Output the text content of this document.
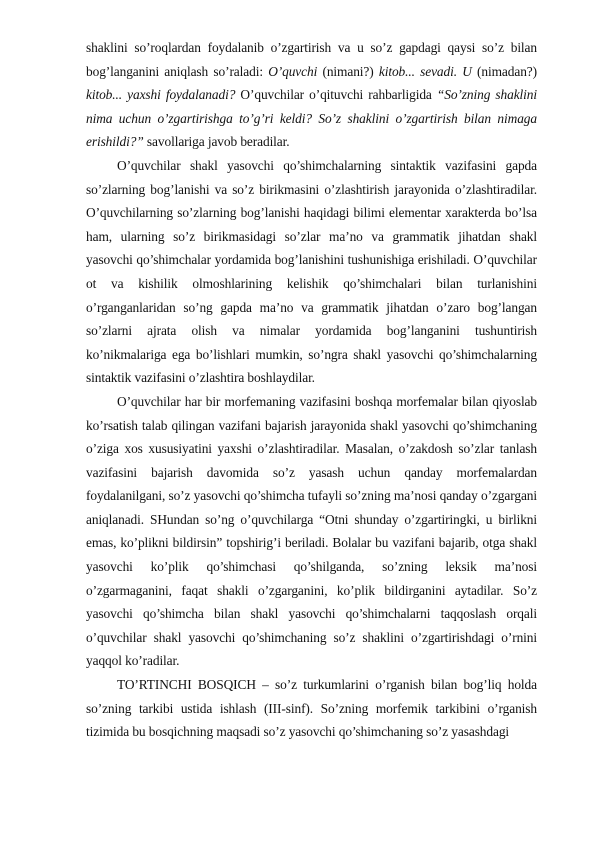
shaklini so’roqlardan foydalanib o’zgartirish va u so’z gapdagi qaysi so’z bilan bog’langanini aniqlash so’raladi: O’quvchi (nimani?) kitob... sevadi. U (nimadan?) kitob... yaxshi foydalanadi? O’quvchilar o’qituvchi rahbarligida “So’zning shaklini nima uchun o’zgartirishga to’g’ri keldi? So’z shaklini o’zgartirish bilan nimaga erishildi?” savollariga javob beradilar.

O’quvchilar shakl yasovchi qo’shimchalarning sintaktik vazifasini gapda so’zlarning bog’lanishi va so’z birikmasini o’zlashtirish jarayonida o’zlashtiradilar. O’quvchilarning so’zlarning bog’lanishi haqidagi bilimi elementar xarakterda bo’lsa ham, ularning so’z birikmasidagi so’zlar ma’no va grammatik jihatdan shakl yasovchi qo’shimchalar yordamida bog’lanishini tushunishiga erishiladi. O’quvchilar ot va kishilik olmoshlarining kelishik qo’shimchalari bilan turlanishini o’rganganlaridan so’ng gapda ma’no va grammatik jihatdan o’zaro bog’langan so’zlarni ajrata olish va nimalar yordamida bog’langanini tushuntirish ko’nikmalariga ega bo’lishlari mumkin, so’ngra shakl yasovchi qo’shimchalarning sintaktik vazifasini o’zlashtira boshlaydilar.

O’quvchilar har bir morfemaning vazifasini boshqa morfemalar bilan qiyoslab ko’rsatish talab qilingan vazifani bajarish jarayonida shakl yasovchi qo’shimchaning o’ziga xos xususiyatini yaxshi o’zlashtiradilar. Masalan, o’zakdosh so’zlar tanlash vazifasini bajarish davomida so’z yasash uchun qanday morfemalardan foydalanilgani, so’z yasovchi qo’shimcha tufayli so’zning ma’nosi qanday o’zgargani aniqlanadi. SHundan so’ng o’quvchilarga “Otni shunday o’zgartiringki, u birlikni emas, ko’plikni bildirsin” topshirig’i beriladi. Bolalar bu vazifani bajarib, otga shakl yasovchi ko’plik qo’shimchasi qo’shilganda, so’zning leksik ma’nosi o’zgarmaganini, faqat shakli o’zgarganini, ko’plik bildirganini aytadilar. So’z yasovchi qo’shimcha bilan shakl yasovchi qo’shimchalarni taqqoslash orqali o’quvchilar shakl yasovchi qo’shimchaning so’z shaklini o’zgartirishdagi o’rnini yaqqol ko’radilar.

TO’RTINCHI BOSQICH – so’z turkumlarini o’rganish bilan bog’liq holda so’zning tarkibi ustida ishlash (III-sinf). So’zning morfemik tarkibini o’rganish tizimida bu bosqichning maqsadi so’z yasovchi qo’shimchaning so’z yasashdagi
